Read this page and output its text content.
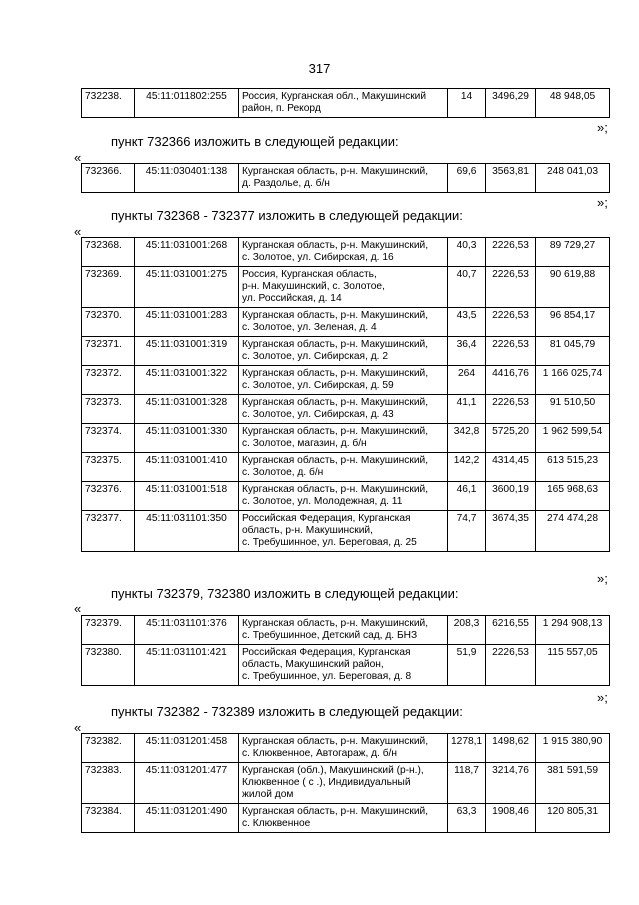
317
732238.	45:11:011802:255	Россия, Курганская обл., Макушинский
район, п. Рекорд
	14	3496,29	48 948,05
»;
пункт 732366 изложить в следующей редакции:
«
732366.	45:11:030401:138	Курганская область, р-н. Макушинский,
д. Раздолье, д. б/н
	69,6	3563,81	248 041,03
»;
пункты 732368 - 732377 изложить в следующей редакции:
«
732368.	45:11:031001:268	Курганская область, р-н. Макушинский,
с. Золотое, ул. Сибирская, д. 16	40,3	2226,53	89 729,27
732369.	45:11:031001:275	Россия, Курганская область,
р-н. Макушинский, с. Золотое,
ул. Российская, д. 14	40,7	2226,53	90 619,88
732370.	45:11:031001:283	Курганская область, р-н. Макушинский,
с. Золотое, ул. Зеленая, д. 4	43,5	2226,53	96 854,17
732371.	45:11:031001:319	Курганская область, р-н. Макушинский,
с. Золотое, ул. Сибирская, д. 2	36,4	2226,53	81 045,79
732372.	45:11:031001:322	Курганская область, р-н. Макушинский,
с. Золотое, ул. Сибирская, д. 59	264	4416,76	1 166 025,74
732373.	45:11:031001:328	Курганская область, р-н. Макушинский,
с. Золотое, ул. Сибирская, д. 43	41,1	2226,53	91 510,50
732374.	45:11:031001:330	Курганская область, р-н. Макушинский,
с. Золотое, магазин, д. б/н	342,8	5725,20	1 962 599,54
732375.	45:11:031001:410	Курганская область, р-н. Макушинский,
с. Золотое, д. б/н	142,2	4314,45	613 515,23
732376.	45:11:031001:518	Курганская область, р-н. Макушинский,
с. Золотое, ул. Молодежная, д. 11	46,1	3600,19	165 968,63
732377.	45:11:031101:350	Российская Федерация, Курганская
область, р-н. Макушинский,
с. Требушинное, ул. Береговая, д. 25	74,7	3674,35	274 474,28
»;
пункты 732379, 732380 изложить в следующей редакции:
«
732379.	45:11:031101:376	Курганская область, р-н. Макушинский,
с. Требушинное, Детский сад, д. БНЗ	208,3	6216,55	1 294 908,13
732380.	45:11:031101:421	Российская Федерация, Курганская
область, Макушинский район,
с. Требушинное, ул. Береговая, д. 8	51,9	2226,53	115 557,05
»;
пункты 732382 - 732389 изложить в следующей редакции:
«
732382.	45:11:031201:458	Курганская область, р-н. Макушинский,
с. Клюквенное, Автогараж, д. б/н	1278,1	1498,62	1 915 380,90
732383.	45:11:031201:477	Курганская (обл.), Макушинский (р-н.),
Клюквенное ( с .), Индивидуальный
жилой дом	118,7	3214,76	381 591,59
732384.	45:11:031201:490	Курганская область, р-н. Макушинский,
с. Клюквенное	63,3	1908,46	120 805,31
